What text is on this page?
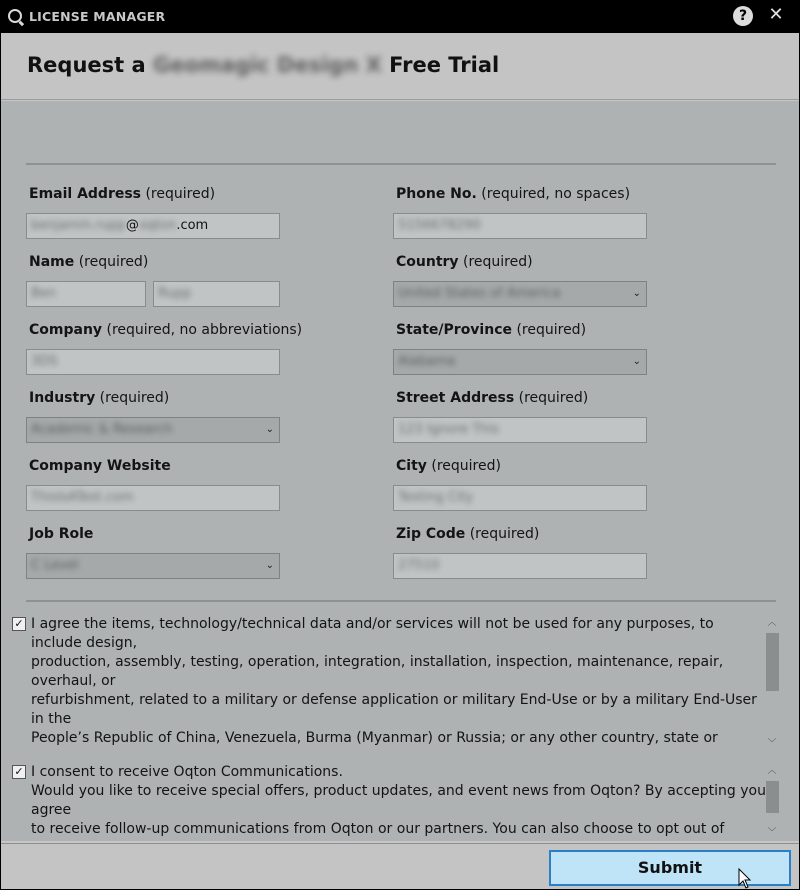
LICENSE MANAGER	?	✕
Request a Geomagic Design X Free Trial
Email Address (required)	Phone No. (required, no spaces)
benjamin.rupp@oqton.com	5156678290
Name (required)	Country (required)
Ben	Rupp	United States of America	⌄
Company (required, no abbreviations)	State/Province (required)
3DS	Alabama	⌄
Industry (required)	Street Address (required)
Academic & Research	⌄	123 Ignore This
Company Website	City (required)
ThisIsATest.com	Testing City
Job Role	Zip Code (required)
C Level	⌄	27510
✓ I agree the items, technology/technical data and/or services will not be used for any purposes, to include design,
production, assembly, testing, operation, integration, installation, inspection, maintenance, repair, overhaul, or
refurbishment, related to a military or defense application or military End-Use or by a military End-User in the
People’s Republic of China, Venezuela, Burma (Myanmar) or Russia; or any other country, state or
︿
﹀
✓ I consent to receive Oqton Communications.
Would you like to receive special offers, product updates, and event news from Oqton? By accepting you agree
to receive follow-up communications from Oqton or our partners. You can also choose to opt out of
︿
﹀
Submit
